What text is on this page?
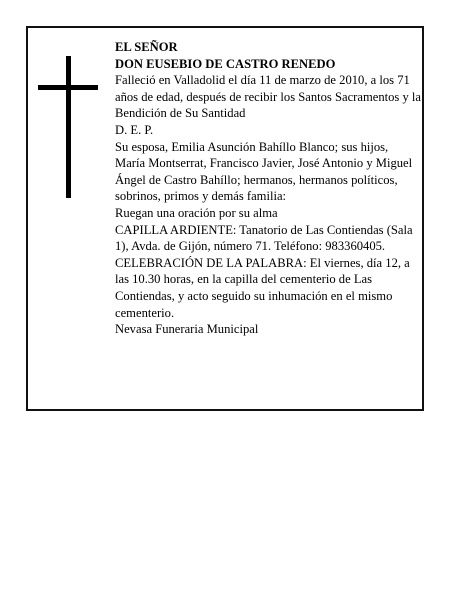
EL SEÑOR

DON EUSEBIO DE CASTRO RENEDO

Falleció en Valladolid el día 11 de marzo de 2010, a los 71 años de edad, después de recibir los Santos Sacramentos y la Bendición de Su Santidad

D. E. P.

Su esposa, Emilia Asunción Bahíllo Blanco; sus hijos, María Montserrat, Francisco Javier, José Antonio y Miguel Ángel de Castro Bahíllo; hermanos, hermanos políticos, sobrinos, primos y demás familia:

Ruegan una oración por su alma

CAPILLA ARDIENTE: Tanatorio de Las Contiendas (Sala 1), Avda. de Gijón, número 71. Teléfono: 983360405.

CELEBRACIÓN DE LA PALABRA: El viernes, día 12, a las 10.30 horas, en la capilla del cementerio de Las Contiendas, y acto seguido su inhumación en el mismo cementerio.

Nevasa Funeraria Municipal
